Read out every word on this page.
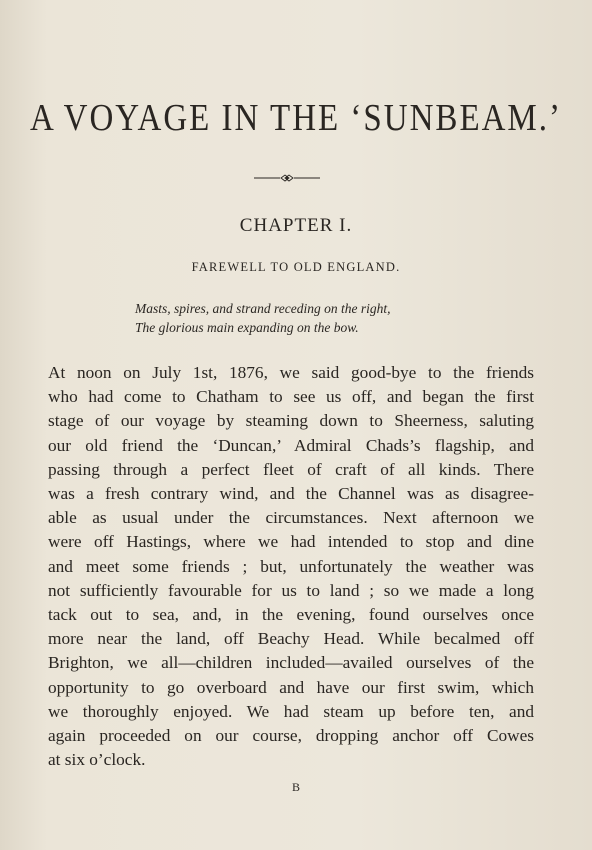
A VOYAGE IN THE ‘SUNBEAM.’
CHAPTER I.
FAREWELL TO OLD ENGLAND.
Masts, spires, and strand receding on the right,
The glorious main expanding on the bow.
At noon on July 1st, 1876, we said good-bye to the friends
who had come to Chatham to see us off, and began the first
stage of our voyage by steaming down to Sheerness, saluting
our old friend the ‘Duncan,’ Admiral Chads’s flagship, and
passing through a perfect fleet of craft of all kinds. There
was a fresh contrary wind, and the Channel was as disagree-
able as usual under the circumstances. Next afternoon we
were off Hastings, where we had intended to stop and dine
and meet some friends ; but, unfortunately the weather was
not sufficiently favourable for us to land ; so we made a long
tack out to sea, and, in the evening, found ourselves once
more near the land, off Beachy Head. While becalmed off
Brighton, we all—children included—availed ourselves of the
opportunity to go overboard and have our first swim, which
we thoroughly enjoyed. We had steam up before ten, and
again proceeded on our course, dropping anchor off Cowes
at six o’clock.
B
